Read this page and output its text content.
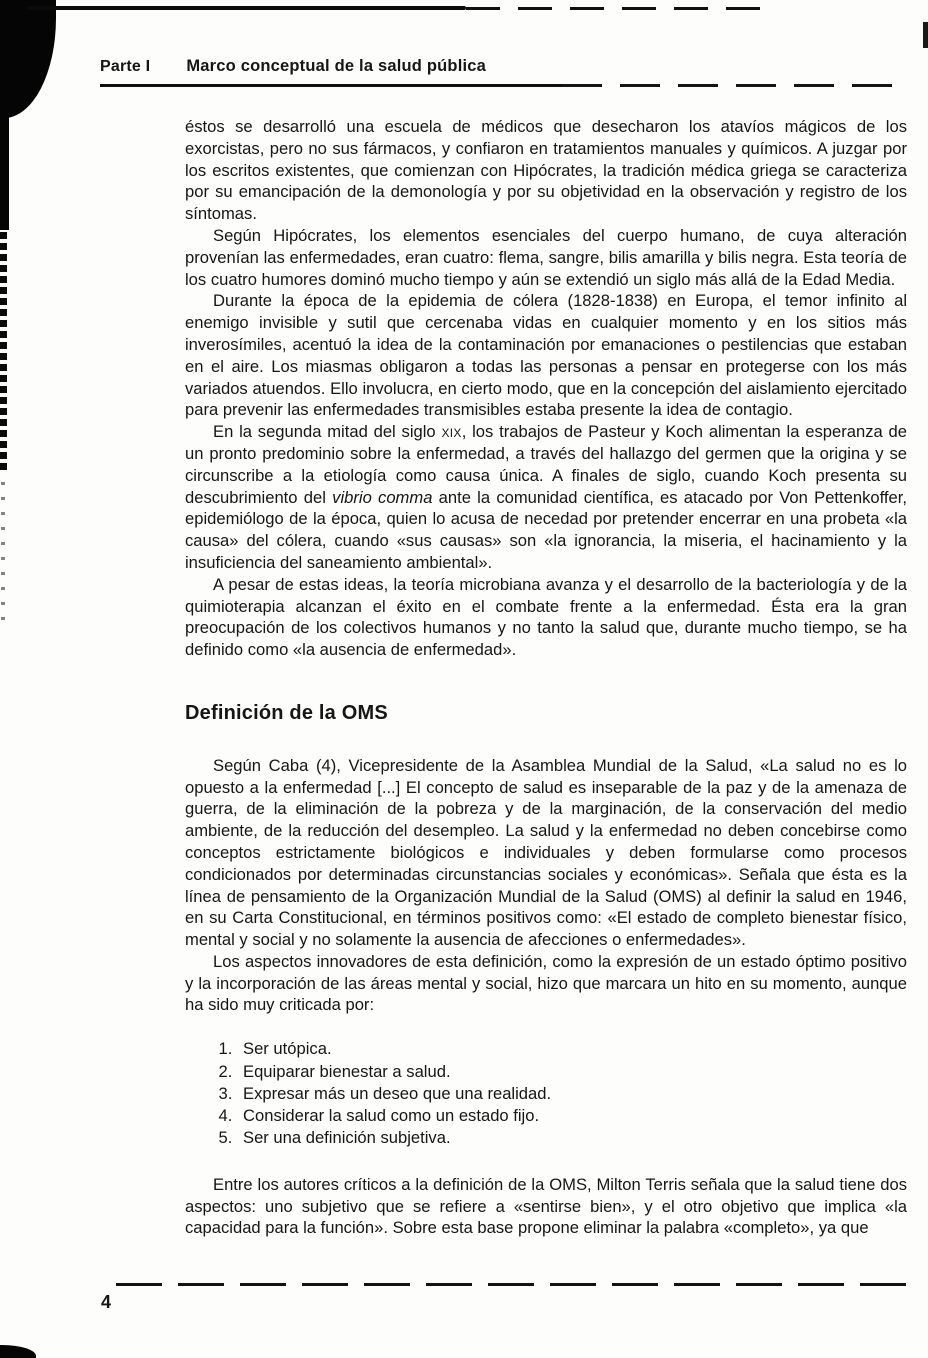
Parte I Marco conceptual de la salud pública

éstos se desarrolló una escuela de médicos que desecharon los atavíos mágicos de los exorcistas, pero no sus fármacos, y confiaron en tratamientos manuales y químicos. A juzgar por los escritos existentes, que comienzan con Hipócrates, la tradición médica griega se caracteriza por su emancipación de la demonología y por su objetividad en la observación y registro de los síntomas.

Según Hipócrates, los elementos esenciales del cuerpo humano, de cuya alteración provenían las enfermedades, eran cuatro: flema, sangre, bilis amarilla y bilis negra. Esta teoría de los cuatro humores dominó mucho tiempo y aún se extendió un siglo más allá de la Edad Media.

Durante la época de la epidemia de cólera (1828-1838) en Europa, el temor infinito al enemigo invisible y sutil que cercenaba vidas en cualquier momento y en los sitios más inverosímiles, acentuó la idea de la contaminación por emanaciones o pestilencias que estaban en el aire. Los miasmas obligaron a todas las personas a pensar en protegerse con los más variados atuendos. Ello involucra, en cierto modo, que en la concepción del aislamiento ejercitado para prevenir las enfermedades transmisibles estaba presente la idea de contagio.

En la segunda mitad del siglo xix, los trabajos de Pasteur y Koch alimentan la esperanza de un pronto predominio sobre la enfermedad, a través del hallazgo del germen que la origina y se circunscribe a la etiología como causa única. A finales de siglo, cuando Koch presenta su descubrimiento del vibrio comma ante la comunidad científica, es atacado por Von Pettenkoffer, epidemiólogo de la época, quien lo acusa de necedad por pretender encerrar en una probeta «la causa» del cólera, cuando «sus causas» son «la ignorancia, la miseria, el hacinamiento y la insuficiencia del saneamiento ambiental».

A pesar de estas ideas, la teoría microbiana avanza y el desarrollo de la bacteriología y de la quimioterapia alcanzan el éxito en el combate frente a la enfermedad. Ésta era la gran preocupación de los colectivos humanos y no tanto la salud que, durante mucho tiempo, se ha definido como «la ausencia de enfermedad».

Definición de la OMS

Según Caba (4), Vicepresidente de la Asamblea Mundial de la Salud, «La salud no es lo opuesto a la enfermedad [...] El concepto de salud es inseparable de la paz y de la amenaza de guerra, de la eliminación de la pobreza y de la marginación, de la conservación del medio ambiente, de la reducción del desempleo. La salud y la enfermedad no deben concebirse como conceptos estrictamente biológicos e individuales y deben formularse como procesos condicionados por determinadas circunstancias sociales y económicas». Señala que ésta es la línea de pensamiento de la Organización Mundial de la Salud (OMS) al definir la salud en 1946, en su Carta Constitucional, en términos positivos como: «El estado de completo bienestar físico, mental y social y no solamente la ausencia de afecciones o enfermedades».

Los aspectos innovadores de esta definición, como la expresión de un estado óptimo positivo y la incorporación de las áreas mental y social, hizo que marcara un hito en su momento, aunque ha sido muy criticada por:

1. Ser utópica.
2. Equiparar bienestar a salud.
3. Expresar más un deseo que una realidad.
4. Considerar la salud como un estado fijo.
5. Ser una definición subjetiva.

Entre los autores críticos a la definición de la OMS, Milton Terris señala que la salud tiene dos aspectos: uno subjetivo que se refiere a «sentirse bien», y el otro objetivo que implica «la capacidad para la función». Sobre esta base propone eliminar la palabra «completo», ya que

4
